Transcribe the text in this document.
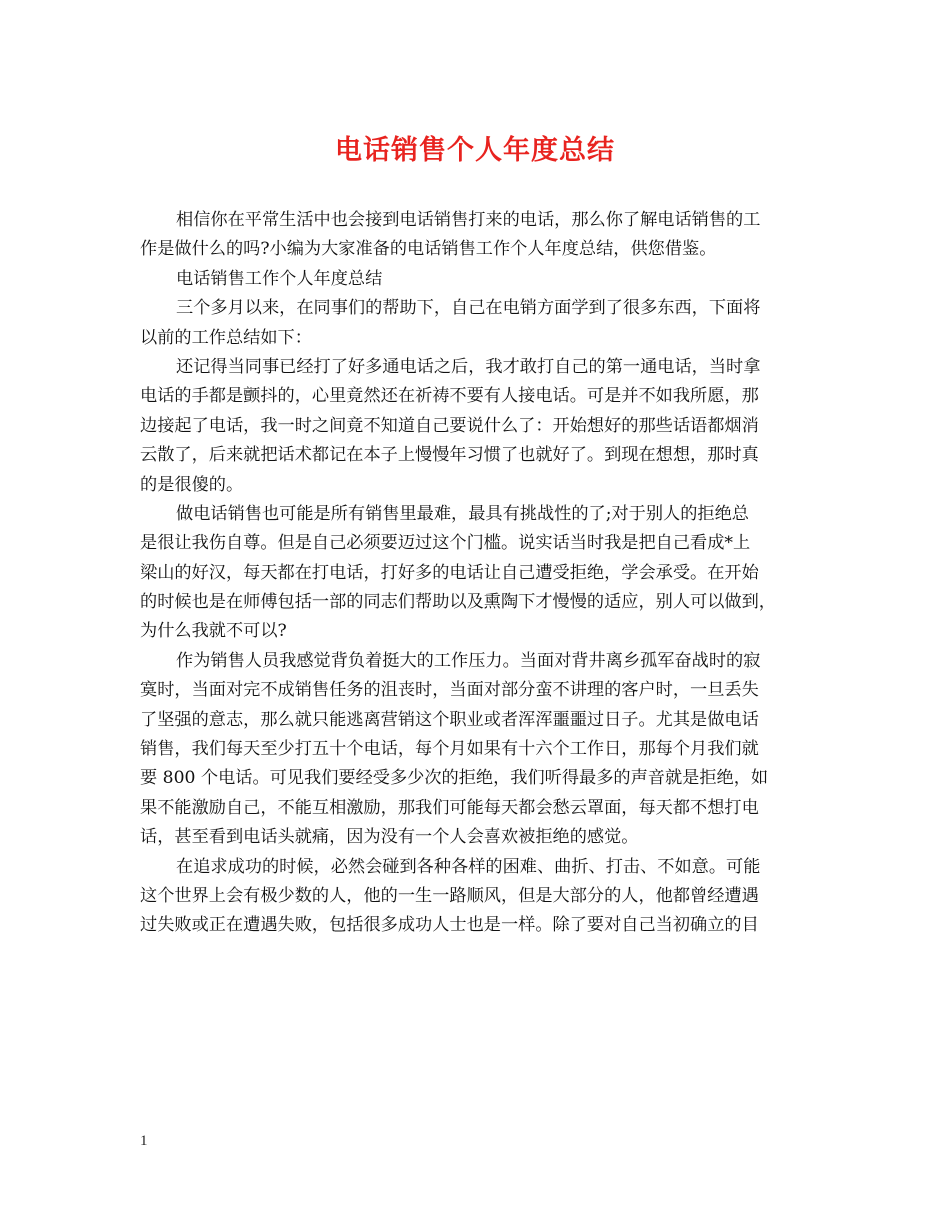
电话销售个人年度总结
相信你在平常生活中也会接到电话销售打来的电话，那么你了解电话销售的工
作是做什么的吗?小编为大家准备的电话销售工作个人年度总结，供您借鉴。
电话销售工作个人年度总结
三个多月以来，在同事们的帮助下，自己在电销方面学到了很多东西，下面将
以前的工作总结如下：
还记得当同事已经打了好多通电话之后，我才敢打自己的第一通电话，当时拿
电话的手都是颤抖的，心里竟然还在祈祷不要有人接电话。可是并不如我所愿，那
边接起了电话，我一时之间竟不知道自己要说什么了：开始想好的那些话语都烟消
云散了，后来就把话术都记在本子上慢慢年习惯了也就好了。到现在想想，那时真
的是很傻的。
做电话销售也可能是所有销售里最难，最具有挑战性的了;对于别人的拒绝总
是很让我伤自尊。但是自己必须要迈过这个门槛。说实话当时我是把自己看成*上
梁山的好汉，每天都在打电话，打好多的电话让自己遭受拒绝，学会承受。在开始
的时候也是在师傅包括一部的同志们帮助以及熏陶下才慢慢的适应，别人可以做到，
为什么我就不可以?
作为销售人员我感觉背负着挺大的工作压力。当面对背井离乡孤军奋战时的寂
寞时，当面对完不成销售任务的沮丧时，当面对部分蛮不讲理的客户时，一旦丢失
了坚强的意志，那么就只能逃离营销这个职业或者浑浑噩噩过日子。尤其是做电话
销售，我们每天至少打五十个电话，每个月如果有十六个工作日，那每个月我们就
要 800 个电话。可见我们要经受多少次的拒绝，我们听得最多的声音就是拒绝，如
果不能激励自己，不能互相激励，那我们可能每天都会愁云罩面，每天都不想打电
话，甚至看到电话头就痛，因为没有一个人会喜欢被拒绝的感觉。
在追求成功的时候，必然会碰到各种各样的困难、曲折、打击、不如意。可能
这个世界上会有极少数的人，他的一生一路顺风，但是大部分的人，他都曾经遭遇
过失败或正在遭遇失败，包括很多成功人士也是一样。除了要对自己当初确立的目
1
